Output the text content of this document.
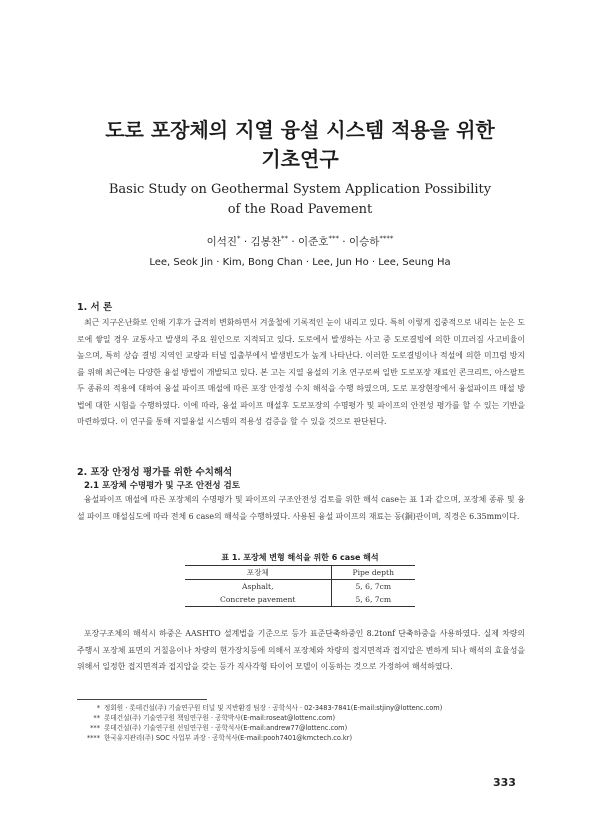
도로 포장체의 지열 융설 시스템 적용을 위한
기초연구
Basic Study on Geothermal System Application Possibility
of the Road Pavement
이석진* · 김봉찬** · 이준호*** · 이승하****
Lee, Seok Jin · Kim, Bong Chan · Lee, Jun Ho · Lee, Seung Ha
1. 서 론
최근 지구온난화로 인해 기후가 급격히 변화하면서 겨울철에 기록적인 눈이 내리고 있다. 특히 이렇게 집중적으로 내리는 눈은 도로에 쌓일 경우 교통사고 발생의 주요 원인으로 지적되고 있다. 도로에서 발생하는 사고 중 도로결빙에 의한 미끄러짐 사고비율이 높으며, 특히 상습 결빙 지역인 교량과 터널 입출부에서 발생빈도가 높게 나타난다. 이러한 도로결빙이나 적설에 의한 미끄럼 방지를 위해 최근에는 다양한 융설 방법이 개발되고 있다. 본 고는 지열 융설의 기초 연구로써 일반 도로포장 재료인 콘크리트, 아스팔트 두 종류의 적용에 대하여 융설 파이프 매설에 따른 포장 안정성 수치 해석을 수행 하였으며, 도로 포장현장에서 융설파이프 매설 방법에 대한 시험을 수행하였다. 이에 따라, 융설 파이프 매설후 도로포장의 수명평가 및 파이프의 안전성 평가를 할 수 있는 기반을 마련하였다. 이 연구를 통해 지열융설 시스템의 적용성 검증을 할 수 있을 것으로 판단된다.
2. 포장 안정성 평가를 위한 수치해석
2.1 포장체 수명평가 및 구조 안전성 검토
융설파이프 매설에 따른 포장체의 수명평가 및 파이프의 구조안전성 검토를 위한 해석 case는 표 1과 같으며, 포장체 종류 및 융설 파이프 매설심도에 따라 전체 6 case의 해석을 수행하였다. 사용된 융설 파이프의 재료는 동(銅)관이며, 직경은 6.35mm이다.
표 1. 포장체 변형 해석을 위한 6 case 해석
포장체	Pipe depth
Asphalt,	5, 6, 7cm
Concrete pavement	5, 6, 7cm
포장구조체의 해석시 하중은 AASHTO 설계법을 기준으로 등가 표준단축하중인 8.2tonf 단축하중을 사용하였다. 실제 차량의 주행시 포장체 표면의 거칠음이나 차량의 현가장치등에 의해서 포장체와 차량의 접지면적과 접지압은 변하게 되나 해석의 효율성을 위해서 일정한 접지면적과 접지압을 갖는 등가 직사각형 타이어 모델이 이동하는 것으로 가정하여 해석하였다.
* 정회원 · 롯데건설(주) 기술연구원 터널 및 지반환경 팀장 · 공학석사 · 02-3483-7841(E-mail:stjiny@lottenc.com)
** 롯데건설(주) 기술연구원 책임연구원 · 공학박사(E-mail:roseat@lottenc.com)
*** 롯데건설(주) 기술연구원 선임연구원 · 공학석사(E-mail:andrew77@lottenc.com)
**** 한국유지관리(주) SOC 사업부 과장 · 공학석사(E-mail:pooh7401@kmctech.co.kr)
333
